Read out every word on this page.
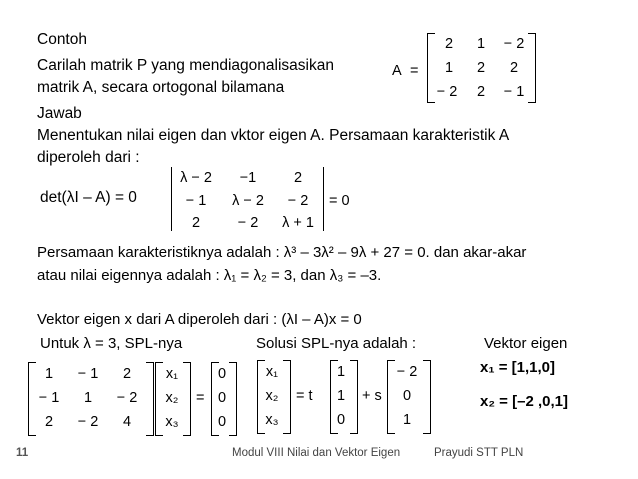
Contoh
Carilah matrik P yang mendiagonalisasikan
matrik A, secara ortogonal bilamana
A =
2	1	− 2
1	2	2
− 2	2	− 1
Jawab
Menentukan nilai eigen dan vktor eigen A. Persamaan karakteristik A
diperoleh dari :
det(λI – A) = 0
λ − 2	−1	2
− 1	λ − 2	− 2
2	− 2	λ + 1
= 0
Persamaan karakteristiknya adalah : λ³ – 3λ² – 9λ + 27 = 0. dan akar-akar
atau nilai eigennya adalah : λ₁ = λ₂ = 3, dan λ₃ = –3.
Vektor eigen x dari A diperoleh dari : (λI – A)x = 0
Untuk λ = 3, SPL-nya	Solusi SPL-nya adalah :	Vektor eigen
1	− 1	2
− 1	1	− 2
2	− 2	4
x₁
x₂
x₃
=
0
0
0
x₁
x₂
x₃
= t
1
1
0
+ s
− 2
0
1
x₁ = [1,1,0]
x₂ = [–2 ,0,1]
11	Modul VIII Nilai dan Vektor Eigen	Prayudi STT PLN
